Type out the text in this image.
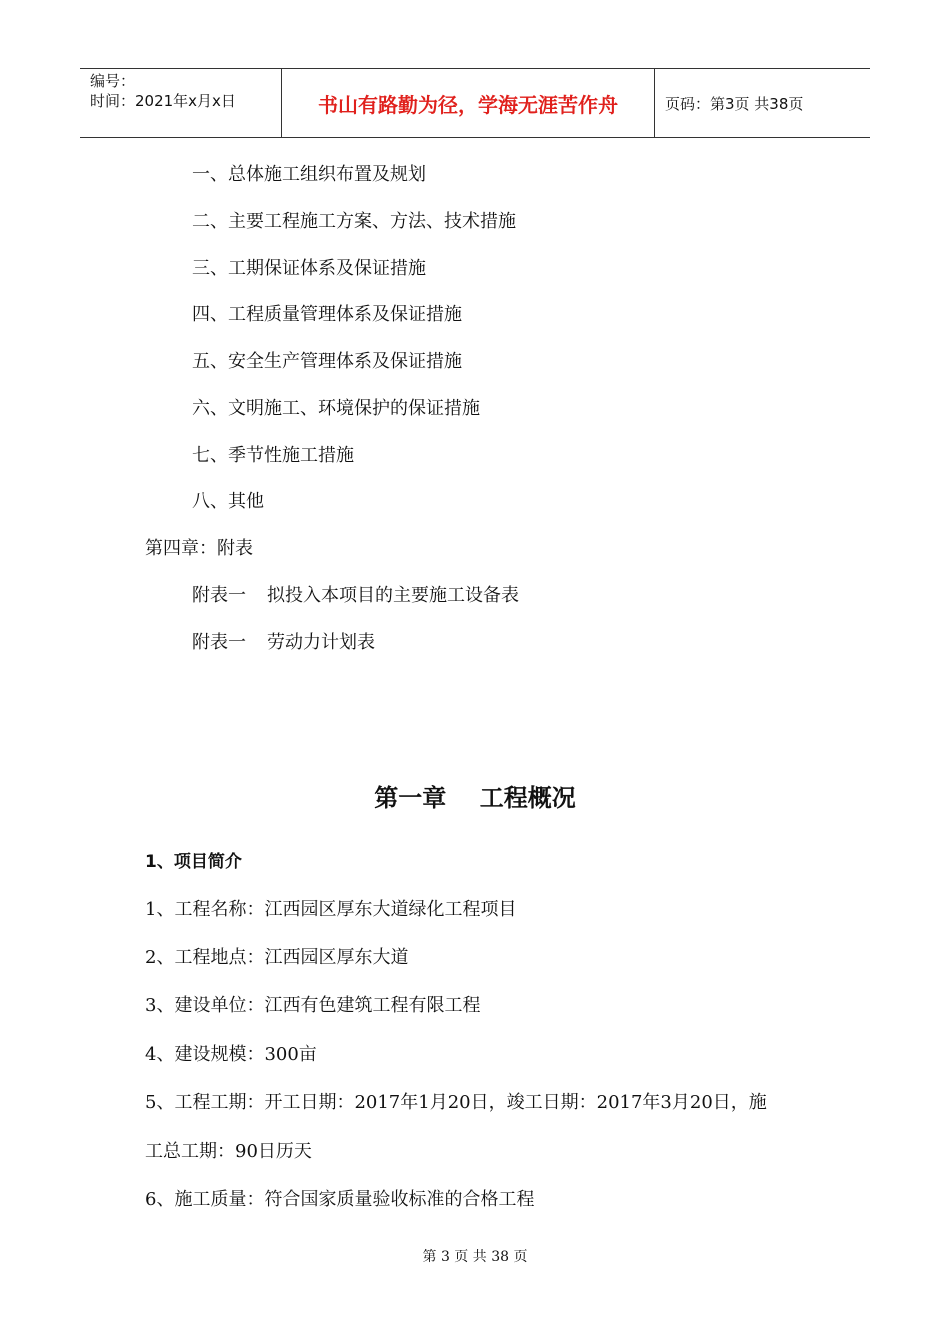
编号：
时间：2021年x月x日	书山有路勤为径，学海无涯苦作舟	页码：第3页 共38页
一、总体施工组织布置及规划
二、主要工程施工方案、方法、技术措施
三、工期保证体系及保证措施
四、工程质量管理体系及保证措施
五、安全生产管理体系及保证措施
六、文明施工、环境保护的保证措施
七、季节性施工措施
八、其他
第四章：附表
附表一 拟投入本项目的主要施工设备表
附表一 劳动力计划表
第一章    工程概况
1、项目简介
1、工程名称：江西园区厚东大道绿化工程项目
2、工程地点：江西园区厚东大道
3、建设单位：江西有色建筑工程有限工程
4、建设规模：300亩
5、工程工期：开工日期：2017年1月20日，竣工日期：2017年3月20日，施
工总工期：90日历天
6、施工质量：符合国家质量验收标准的合格工程
第 3 页 共 38 页
